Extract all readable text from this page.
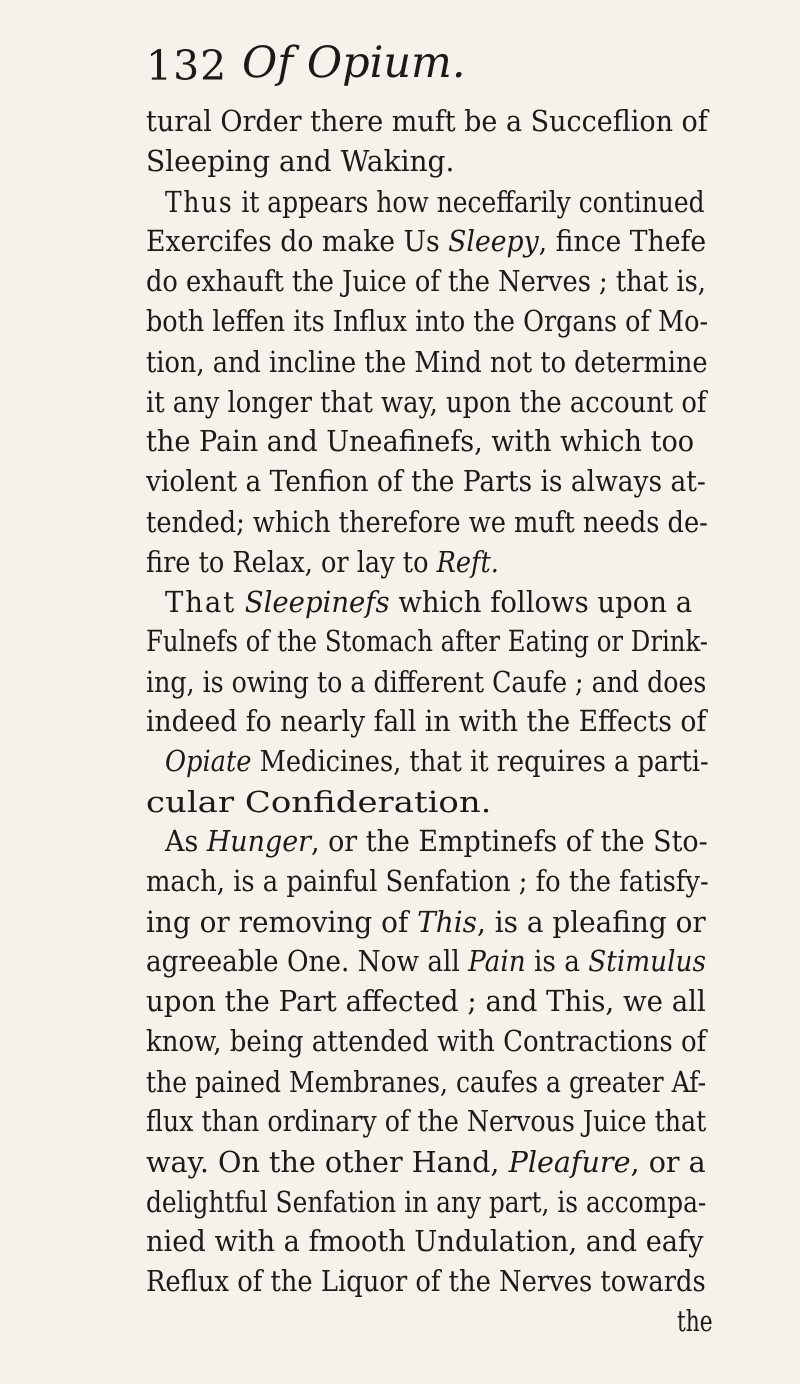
132 Of Opium.
tural Order there muft be a Succeflion of
Sleeping and Waking.
Thus it appears how neceffarily continued
Exercifes do make Us Sleepy, fince Thefe
do exhauft the Juice of the Nerves ; that is,
both leffen its Influx into the Organs of Mo-
tion, and incline the Mind not to determine
it any longer that way, upon the account of
the Pain and Uneafinefs, with which too
violent a Tenfion of the Parts is always at-
tended; which therefore we muft needs de-
fire to Relax, or lay to Reft.
That Sleepinefs which follows upon a
Fulnefs of the Stomach after Eating or Drink-
ing, is owing to a different Caufe ; and does
indeed fo nearly fall in with the Effects of
Opiate Medicines, that it requires a parti-
cular Confideration.
As Hunger, or the Emptinefs of the Sto-
mach, is a painful Senfation ; fo the fatisfy-
ing or removing of This, is a pleafing or
agreeable One. Now all Pain is a Stimulus
upon the Part affected ; and This, we all
know, being attended with Contractions of
the pained Membranes, caufes a greater Af-
flux than ordinary of the Nervous Juice that
way. On the other Hand, Pleafure, or a
delightful Senfation in any part, is accompa-
nied with a fmooth Undulation, and eafy
Reflux of the Liquor of the Nerves towards
the
